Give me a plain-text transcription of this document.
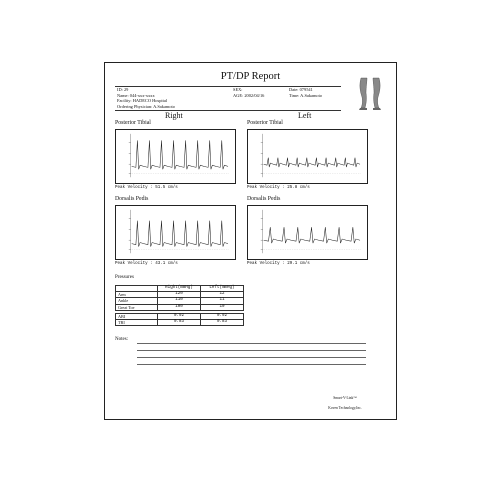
PT/DP Report
ID: 29
Name: 044-xxx-xxxx
Facility: HADECO Hospital
Ordering Physician: A.Sakamoto
SEX:
AGE: 2002/04/16
Date: 079541
Time: A.Sakamoto
Right	Left
Posterior Tibial
Peak Velocity : 51.5 cm/s
Posterior Tibial
Peak Velocity : 25.8 cm/s
Dorsalis Pedis
Peak Velocity : 43.1 cm/s
Dorsalis Pedis
Peak Velocity : 29.1 cm/s
Pressures
	Right(mmHg)	Left(mmHg)
Arm	120	12
Ankle	110	11
Great Toe	100	10

ABI	0.92	0.92
TBI	0.83	0.83
Notes:
Smart-V-Link™
Koven Technology,Inc.
